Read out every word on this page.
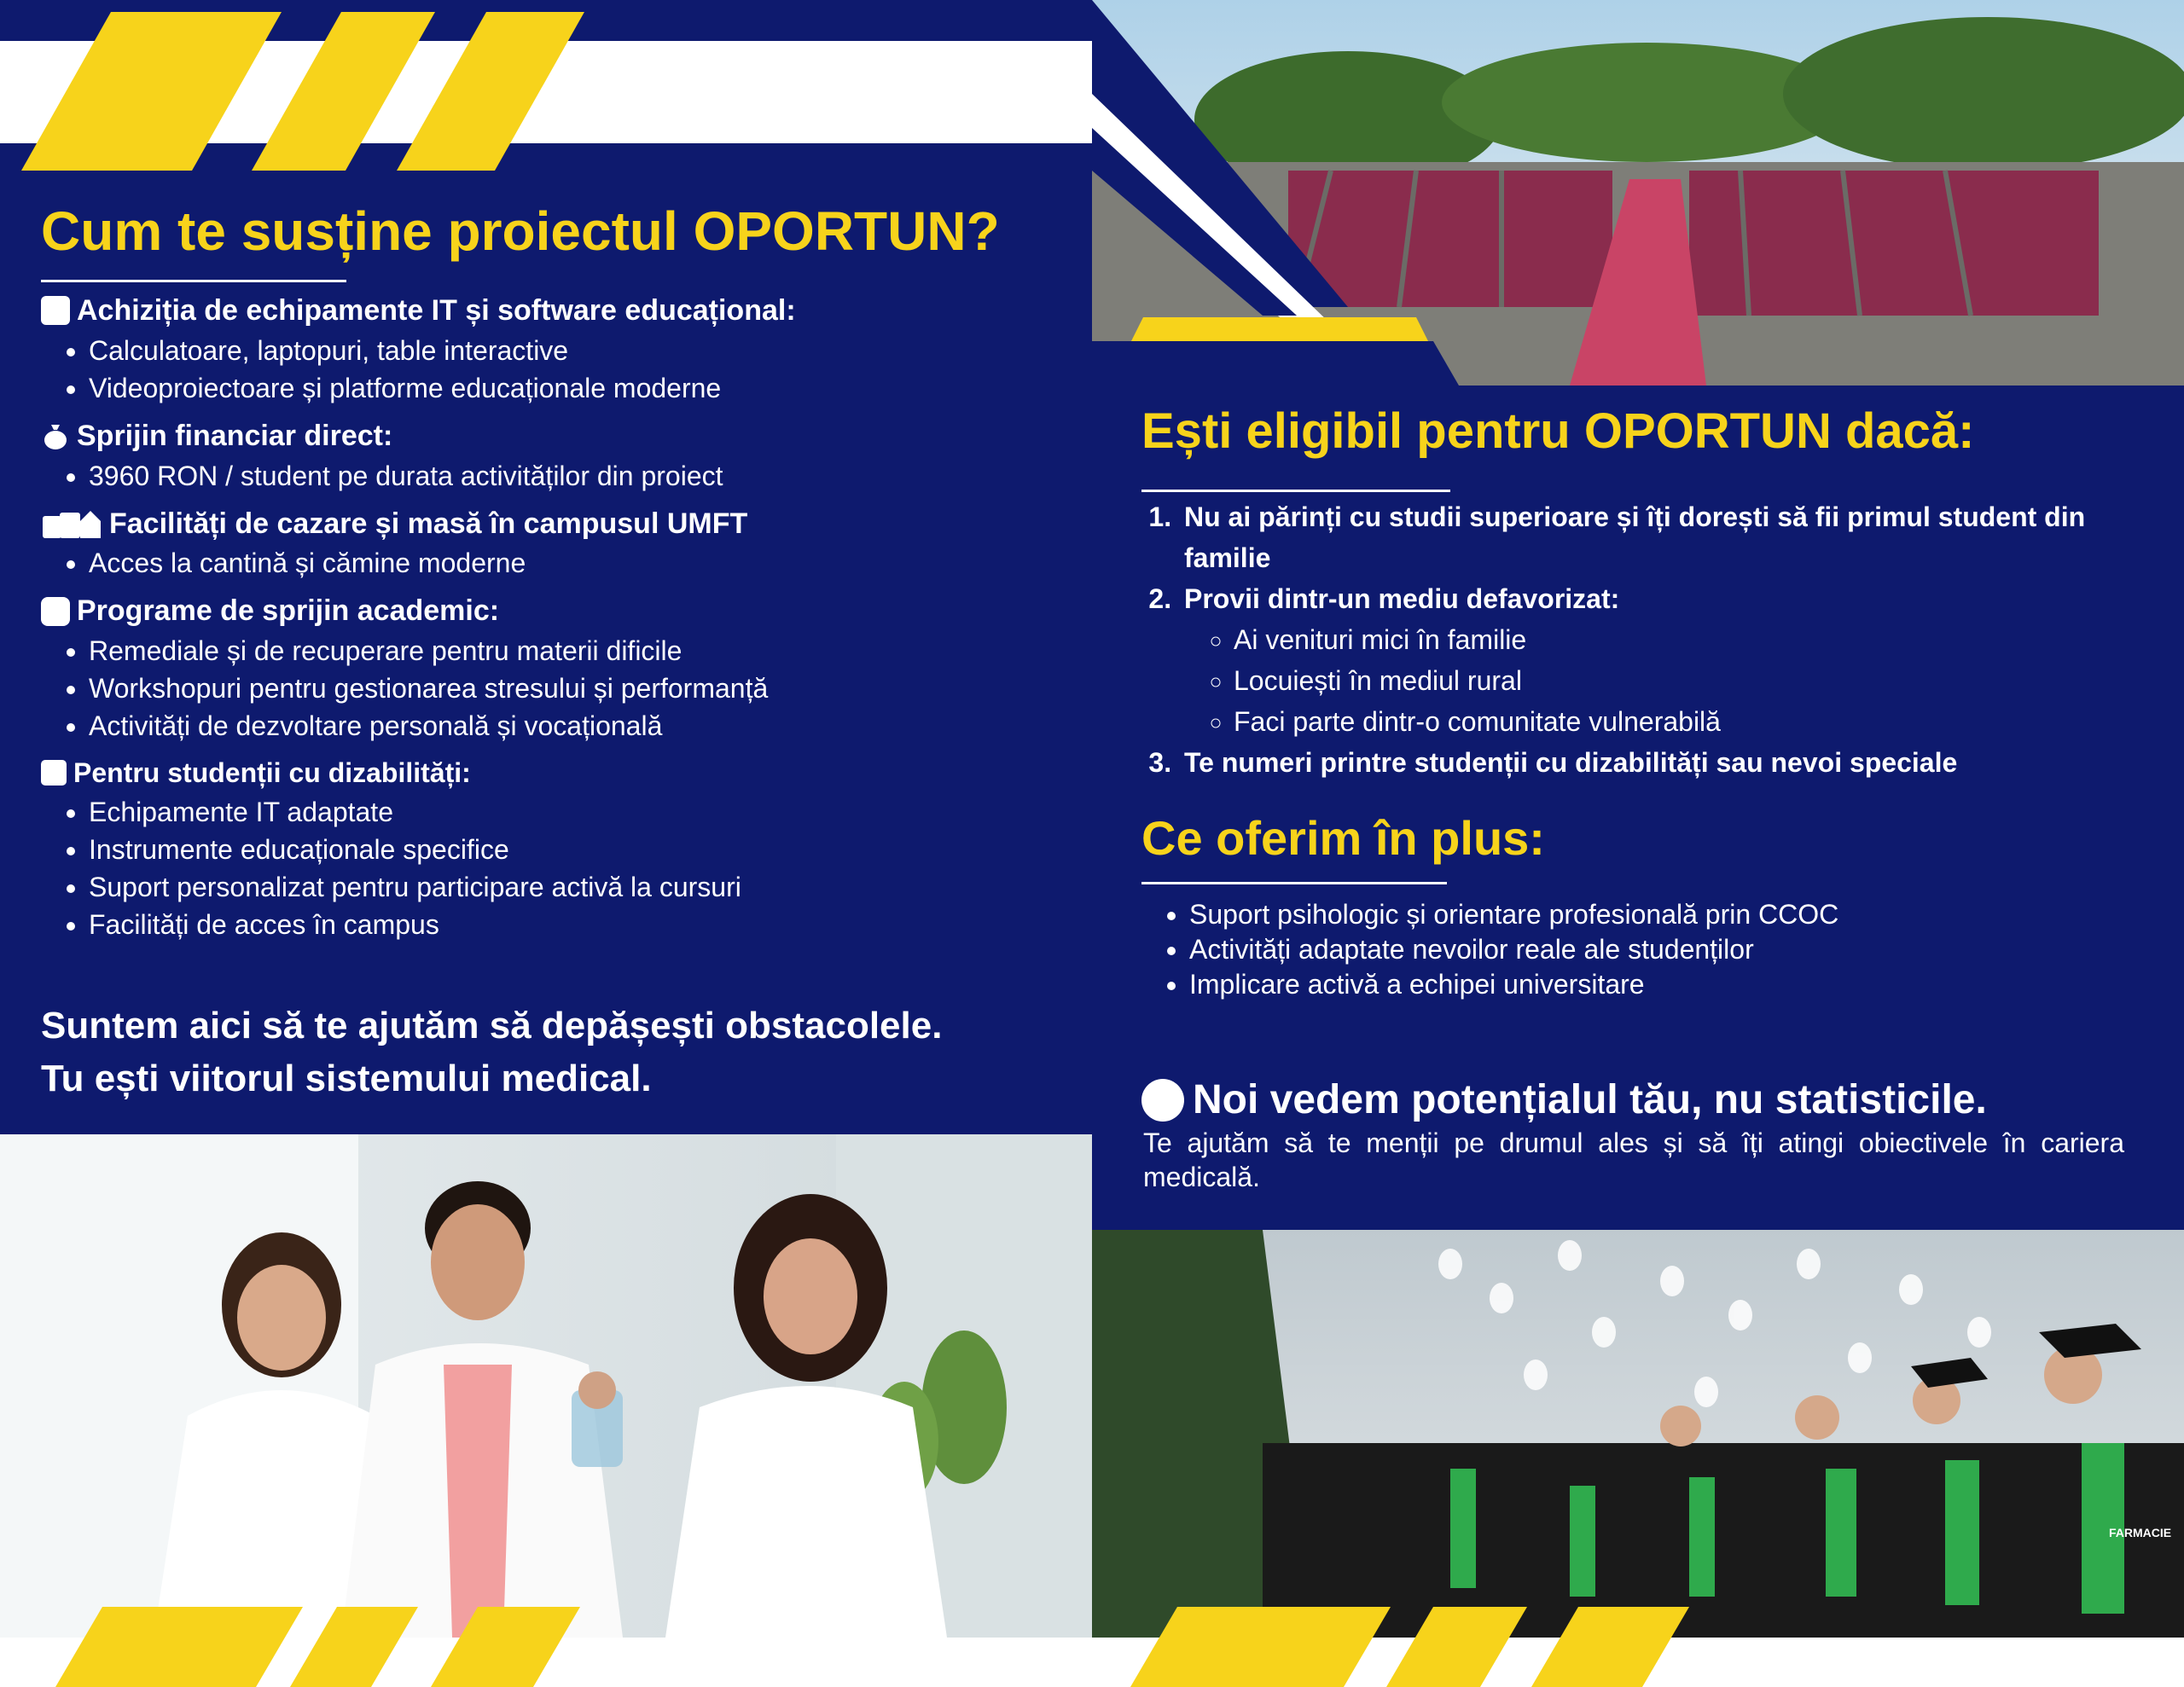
Cum te susține proiectul OPORTUN?
Achiziția de echipamente IT și software educațional:
• Calculatoare, laptopuri, table interactive
• Videoproiectoare și platforme educaționale moderne
Sprijin financiar direct:
• 3960 RON / student pe durata activităților din proiect
Facilități de cazare și masă în campusul UMFT
• Acces la cantină și cămine moderne
Programe de sprijin academic:
• Remediale și de recuperare pentru materii dificile
• Workshopuri pentru gestionarea stresului și performanță
• Activități de dezvoltare personală și vocațională
Pentru studenții cu dizabilități:
• Echipamente IT adaptate
• Instrumente educaționale specifice
• Suport personalizat pentru participare activă la cursuri
• Facilități de acces în campus
Suntem aici să te ajutăm să depășești obstacolele.
Tu ești viitorul sistemului medical.
Ești eligibil pentru OPORTUN dacă:
1. Nu ai părinți cu studii superioare și îți dorești să fii primul student din familie
2. Provii dintr-un mediu defavorizat:
◦ Ai venituri mici în familie
◦ Locuiești în mediul rural
◦ Faci parte dintr-o comunitate vulnerabilă
3. Te numeri printre studenții cu dizabilități sau nevoi speciale
Ce oferim în plus:
• Suport psihologic și orientare profesională prin CCOC
• Activități adaptate nevoilor reale ale studenților
• Implicare activă a echipei universitare
Noi vedem potențialul tău, nu statisticile.
Te ajutăm să te menții pe drumul ales și să îți atingi obiectivele în cariera medicală.
FARMACIE
